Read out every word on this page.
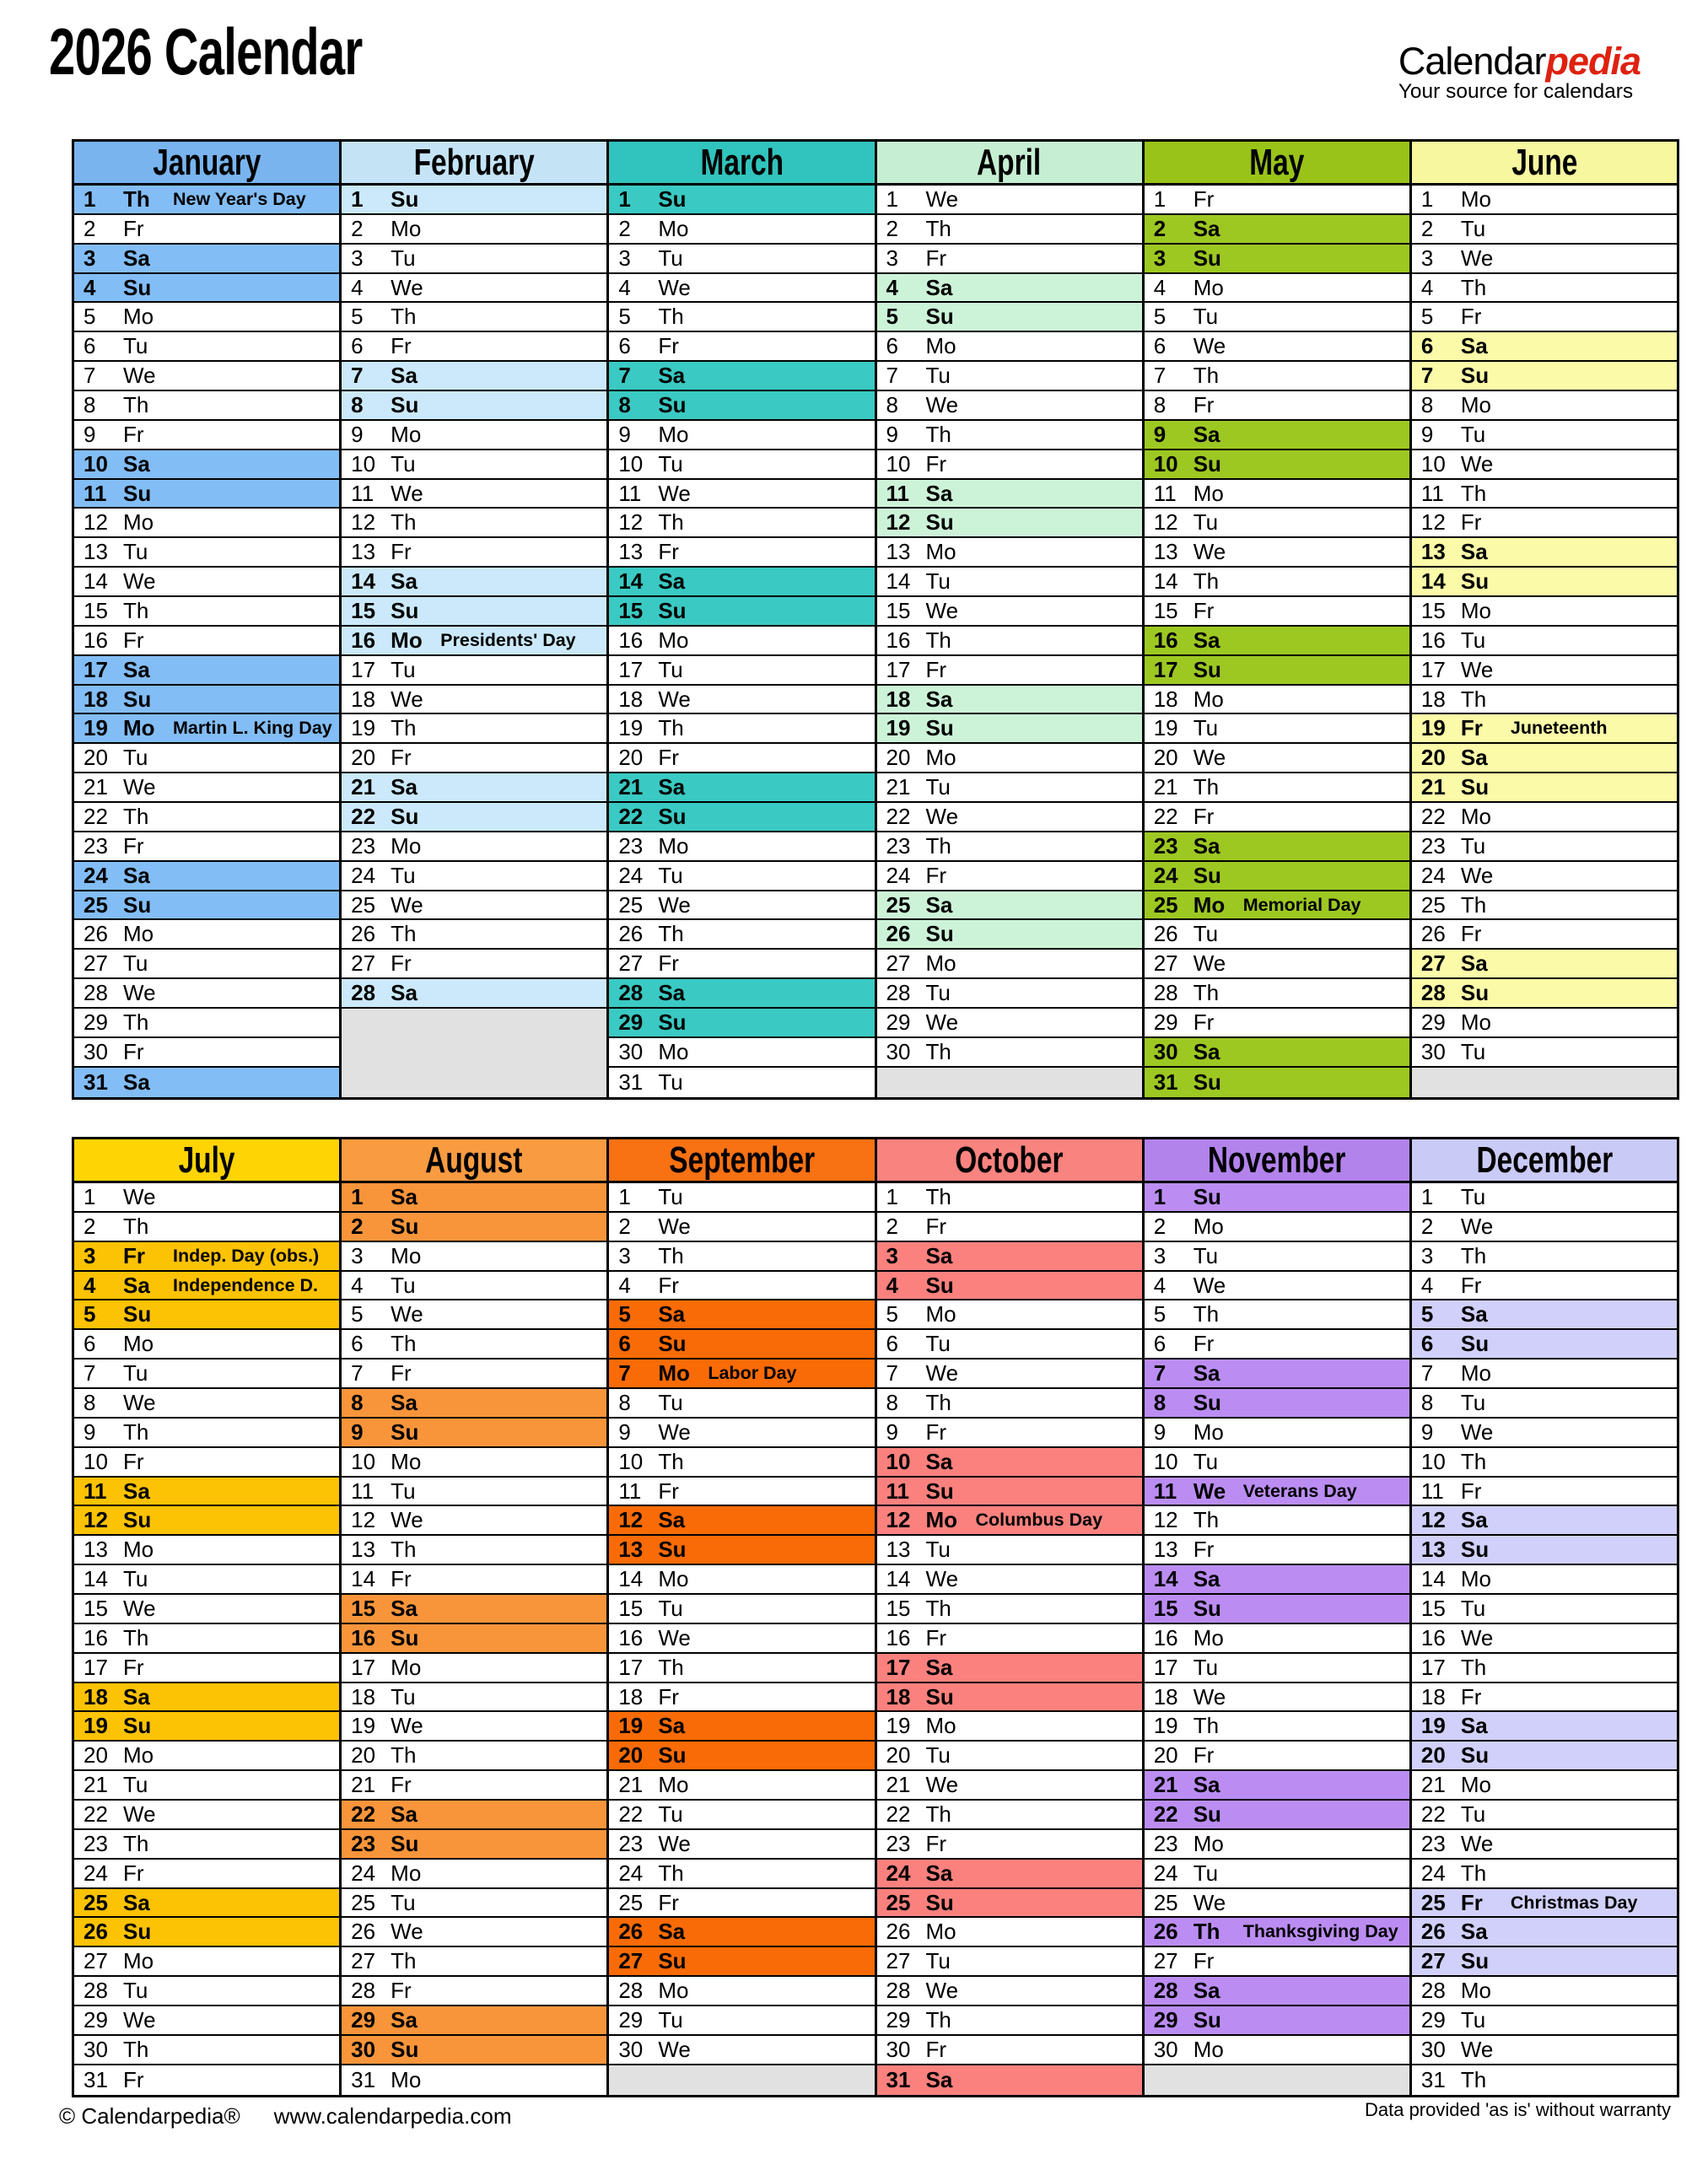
2026 Calendar	Calendarpedia
Your source for calendars
January
1	Th	New Year's Day
2	Fr
3	Sa
4	Su
5	Mo
6	Tu
7	We
8	Th
9	Fr
10 Sa
11 Su
12 Mo
13 Tu
14 We
15 Th
16 Fr
17 Sa
18 Su
19 Mo Martin L. King Day
20 Tu
21 We
22 Th
23 Fr
24 Sa
25 Su
26 Mo
27 Tu
28 We
29 Th
30 Fr
31 Sa
February
1	Su
2	Mo
3	Tu
4	We
5	Th
6	Fr
7	Sa
8	Su
9	Mo
10 Tu
11 We
12 Th
13 Fr
14 Sa
15 Su
16 Mo Presidents' Day
17 Tu
18 We
19 Th
20 Fr
21 Sa
22 Su
23 Mo
24 Tu
25 We
26 Th
27 Fr
28 Sa
March
1	Su
2	Mo
3	Tu
4	We
5	Th
6	Fr
7	Sa
8	Su
9	Mo
10 Tu
11 We
12 Th
13 Fr
14 Sa
15 Su
16 Mo
17 Tu
18 We
19 Th
20 Fr
21 Sa
22 Su
23 Mo
24 Tu
25 We
26 Th
27 Fr
28 Sa
29 Su
30 Mo
31 Tu
April
1	We
2	Th
3	Fr
4	Sa
5	Su
6	Mo
7	Tu
8	We
9	Th
10 Fr
11 Sa
12 Su
13 Mo
14 Tu
15 We
16 Th
17 Fr
18 Sa
19 Su
20 Mo
21 Tu
22 We
23 Th
24 Fr
25 Sa
26 Su
27 Mo
28 Tu
29 We
30 Th
May
1	Fr
2	Sa
3	Su
4	Mo
5	Tu
6	We
7	Th
8	Fr
9	Sa
10 Su
11 Mo
12 Tu
13 We
14 Th
15 Fr
16 Sa
17 Su
18 Mo
19 Tu
20 We
21 Th
22 Fr
23 Sa
24 Su
25 Mo Memorial Day
26 Tu
27 We
28 Th
29 Fr
30 Sa
31 Su
June
1	Mo
2	Tu
3	We
4	Th
5	Fr
6	Sa
7	Su
8	Mo
9	Tu
10 We
11 Th
12 Fr
13 Sa
14 Su
15 Mo
16 Tu
17 We
18 Th
19 Fr	Juneteenth
20 Sa
21 Su
22 Mo
23 Tu
24 We
25 Th
26 Fr
27 Sa
28 Su
29 Mo
30 Tu
July
1	We
2	Th
3	Fr	Indep. Day (obs.)
4	Sa	Independence D.
5	Su
6	Mo
7	Tu
8	We
9	Th
10 Fr
11 Sa
12 Su
13 Mo
14 Tu
15 We
16 Th
17 Fr
18 Sa
19 Su
20 Mo
21 Tu
22 We
23 Th
24 Fr
25 Sa
26 Su
27 Mo
28 Tu
29 We
30 Th
31 Fr
August
1	Sa
2	Su
3	Mo
4	Tu
5	We
6	Th
7	Fr
8	Sa
9	Su
10 Mo
11 Tu
12 We
13 Th
14 Fr
15 Sa
16 Su
17 Mo
18 Tu
19 We
20 Th
21 Fr
22 Sa
23 Su
24 Mo
25 Tu
26 We
27 Th
28 Fr
29 Sa
30 Su
31 Mo
September
1	Tu
2	We
3	Th
4	Fr
5	Sa
6	Su
7	Mo Labor Day
8	Tu
9	We
10 Th
11 Fr
12 Sa
13 Su
14 Mo
15 Tu
16 We
17 Th
18 Fr
19 Sa
20 Su
21 Mo
22 Tu
23 We
24 Th
25 Fr
26 Sa
27 Su
28 Mo
29 Tu
30 We
October
1	Th
2	Fr
3	Sa
4	Su
5	Mo
6	Tu
7	We
8	Th
9	Fr
10 Sa
11 Su
12 Mo Columbus Day
13 Tu
14 We
15 Th
16 Fr
17 Sa
18 Su
19 Mo
20 Tu
21 We
22 Th
23 Fr
24 Sa
25 Su
26 Mo
27 Tu
28 We
29 Th
30 Fr
31 Sa
November
1	Su
2	Mo
3	Tu
4	We
5	Th
6	Fr
7	Sa
8	Su
9	Mo
10 Tu
11 We Veterans Day
12 Th
13 Fr
14 Sa
15 Su
16 Mo
17 Tu
18 We
19 Th
20 Fr
21 Sa
22 Su
23 Mo
24 Tu
25 We
26 Th	Thanksgiving Day
27 Fr
28 Sa
29 Su
30 Mo
December
1	Tu
2	We
3	Th
4	Fr
5	Sa
6	Su
7	Mo
8	Tu
9	We
10 Th
11 Fr
12 Sa
13 Su
14 Mo
15 Tu
16 We
17 Th
18 Fr
19 Sa
20 Su
21 Mo
22 Tu
23 We
24 Th
25 Fr	Christmas Day
26 Sa
27 Su
28 Mo
29 Tu
30 We
31 Th
© Calendarpedia® www.calendarpedia.com	Data provided 'as is' without warranty
